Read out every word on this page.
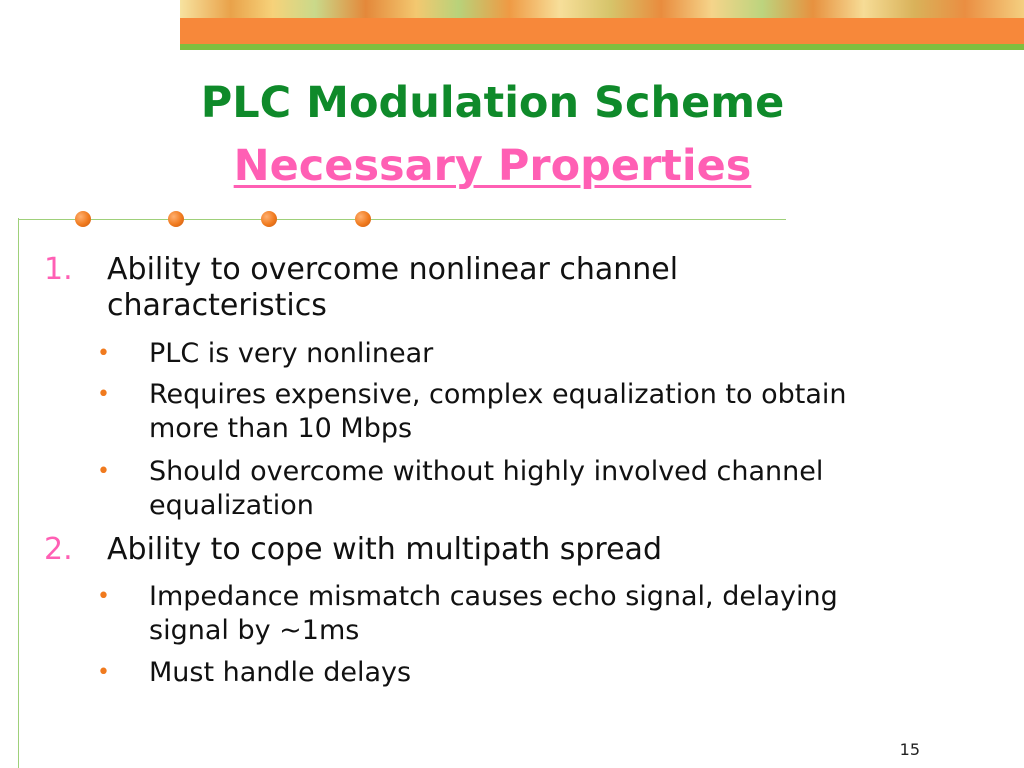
PLC Modulation Scheme
Necessary Properties
1. Ability to overcome nonlinear channel
characteristics
• PLC is very nonlinear
• Requires expensive, complex equalization to obtain
more than 10 Mbps
• Should overcome without highly involved channel
equalization
2. Ability to cope with multipath spread
• Impedance mismatch causes echo signal, delaying
signal by ~1ms
• Must handle delays
15
